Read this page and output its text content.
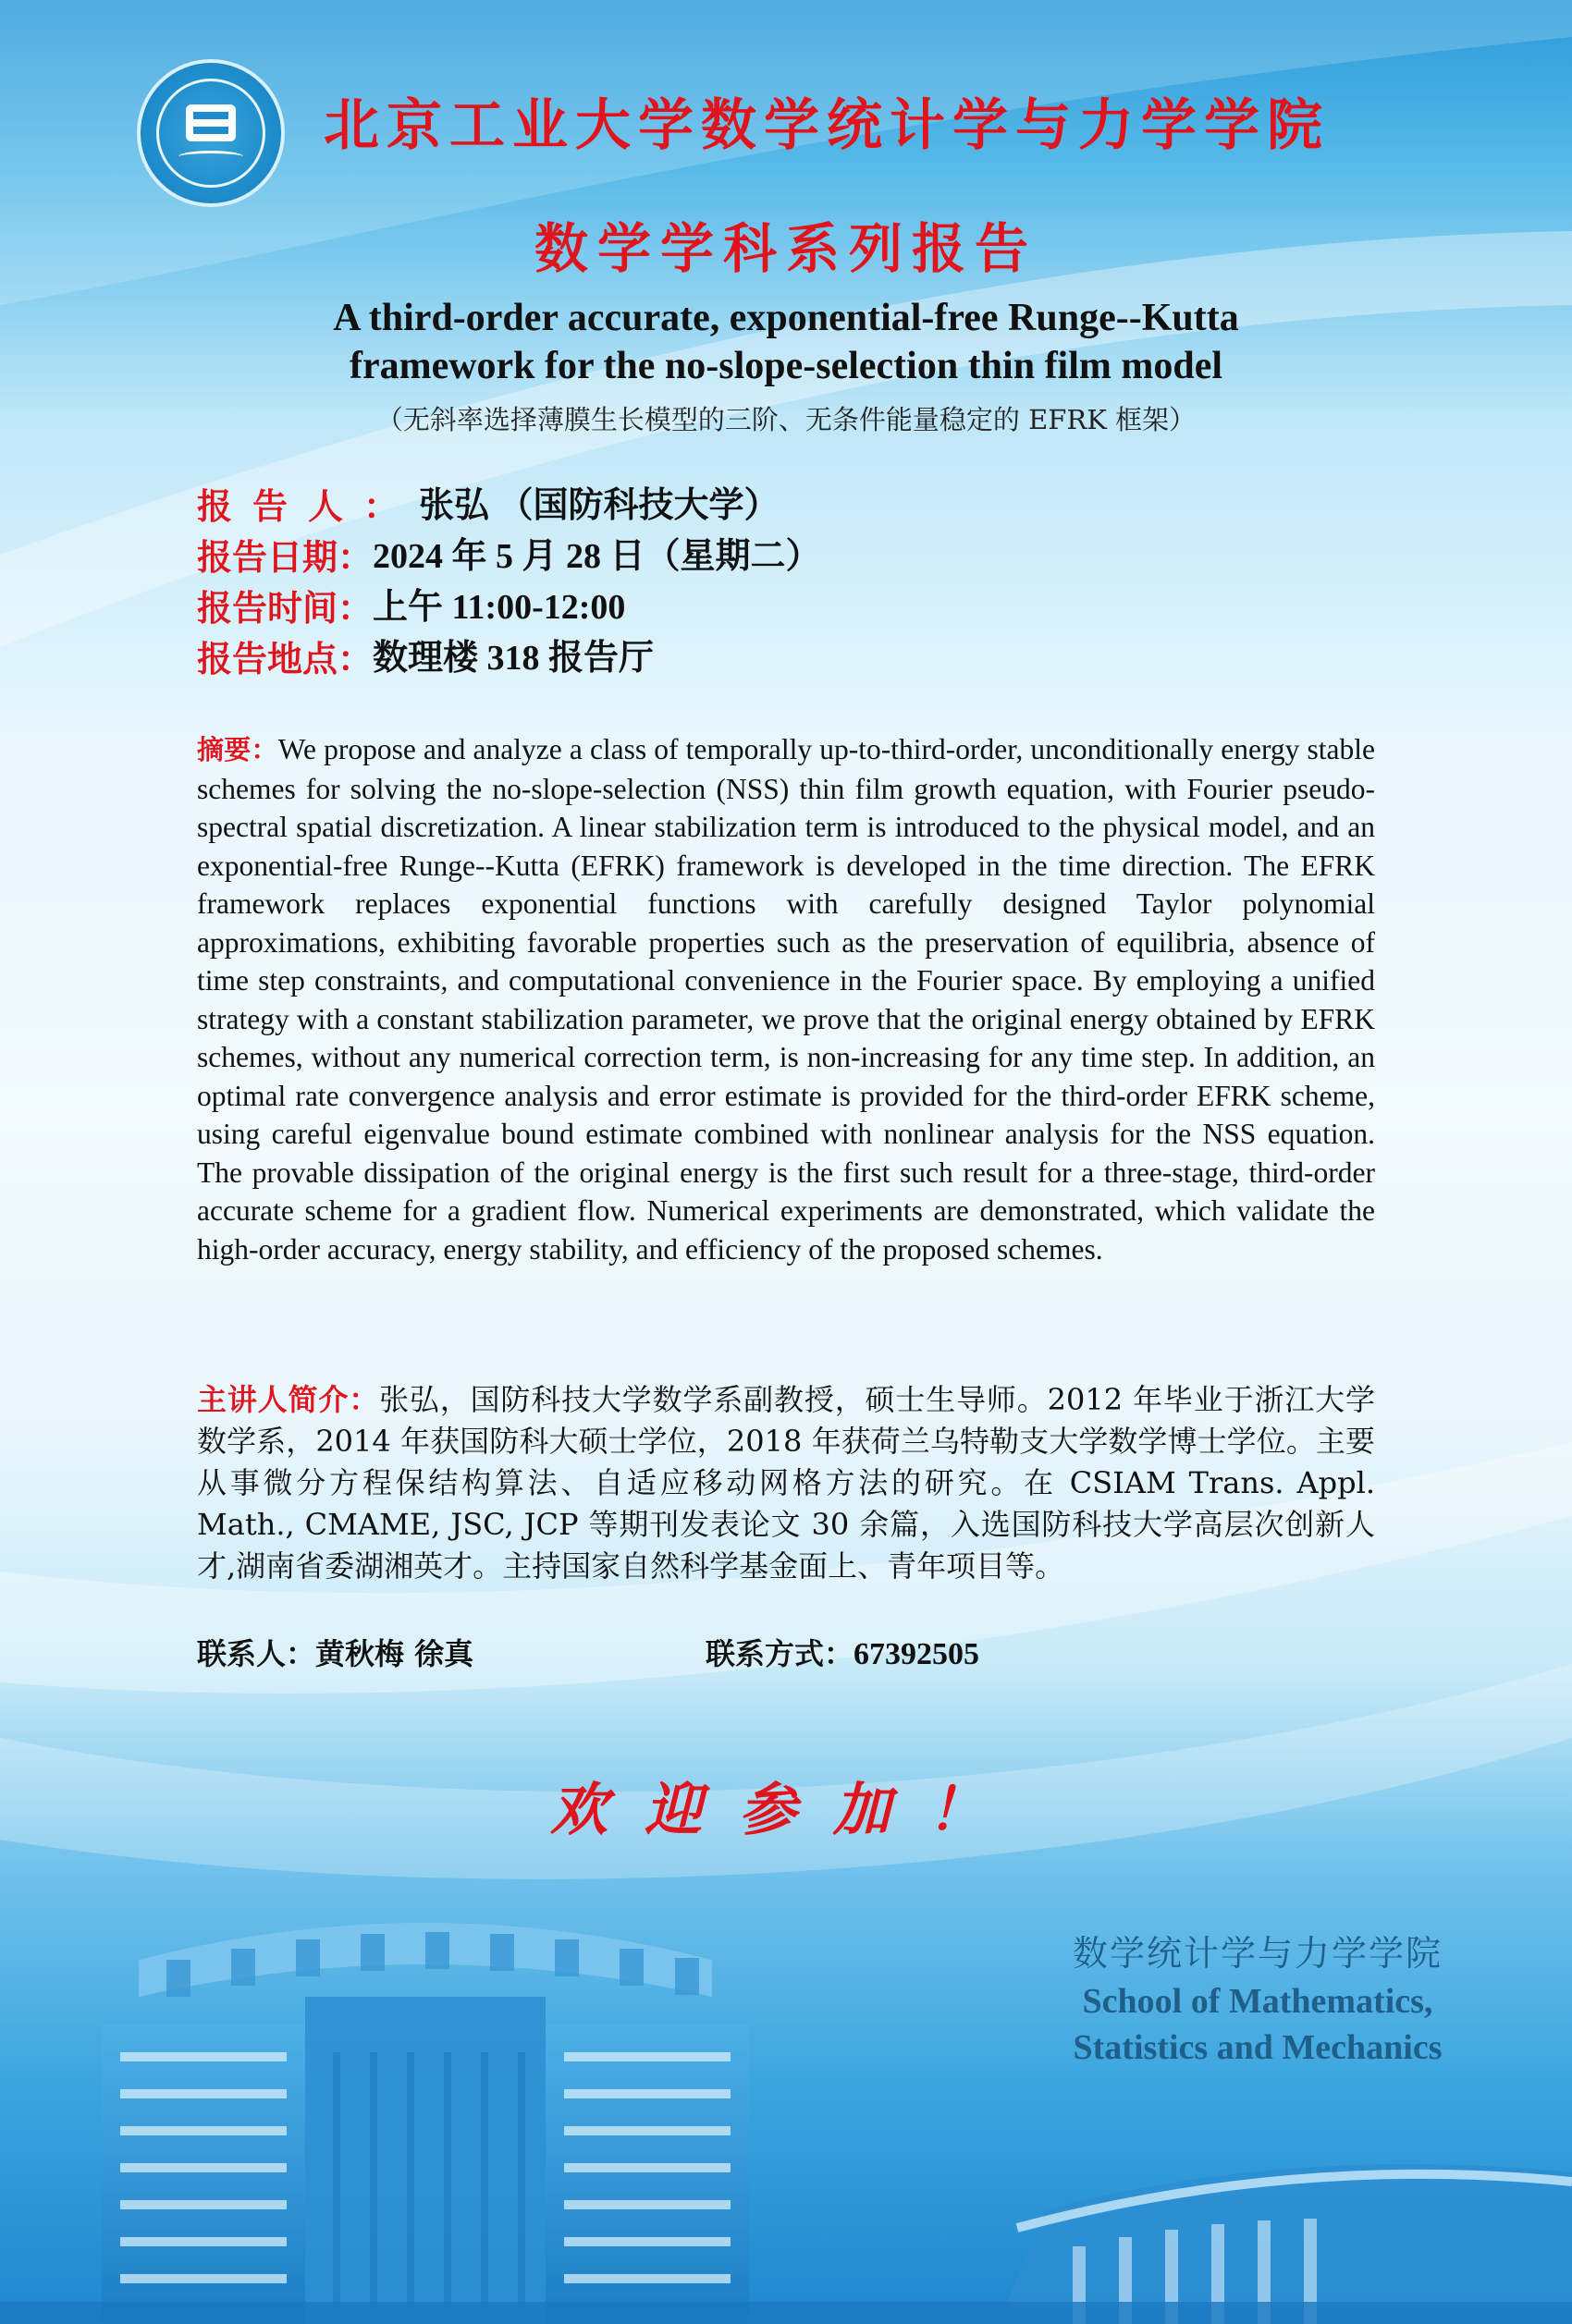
北京工业大学数学统计学与力学学院
数学学科系列报告
A third-order accurate, exponential-free Runge--Kutta
framework for the no-slope-selection thin film model
（无斜率选择薄膜生长模型的三阶、无条件能量稳定的 EFRK 框架）
报告人： 张弘 （国防科技大学）
报告日期： 2024 年 5 月 28 日（星期二）
报告时间： 上午 11:00-12:00
报告地点： 数理楼 318 报告厅
摘要：We propose and analyze a class of temporally up-to-third-order, unconditionally energy stable schemes for solving the no-slope-selection (NSS) thin film growth equation, with Fourier pseudo-spectral spatial discretization. A linear stabilization term is introduced to the physical model, and an exponential-free Runge--Kutta (EFRK) framework is developed in the time direction. The EFRK framework replaces exponential functions with carefully designed Taylor polynomial approximations, exhibiting favorable properties such as the preservation of equilibria, absence of time step constraints, and computational convenience in the Fourier space. By employing a unified strategy with a constant stabilization parameter, we prove that the original energy obtained by EFRK schemes, without any numerical correction term, is non-increasing for any time step. In addition, an optimal rate convergence analysis and error estimate is provided for the third-order EFRK scheme, using careful eigenvalue bound estimate combined with nonlinear analysis for the NSS equation. The provable dissipation of the original energy is the first such result for a three-stage, third-order accurate scheme for a gradient flow. Numerical experiments are demonstrated, which validate the high-order accuracy, energy stability, and efficiency of the proposed schemes.
主讲人简介：张弘，国防科技大学数学系副教授，硕士生导师。2012 年毕业于浙江大学数学系，2014 年获国防科大硕士学位，2018 年获荷兰乌特勒支大学数学博士学位。主要从事微分方程保结构算法、自适应移动网格方法的研究。在 CSIAM Trans. Appl. Math., CMAME, JSC, JCP 等期刊发表论文 30 余篇，入选国防科技大学高层次创新人才,湖南省委湖湘英才。主持国家自然科学基金面上、青年项目等。
联系人：黄秋梅 徐真	联系方式：67392505
欢迎参加！
数学统计学与力学学院
School of Mathematics,
Statistics and Mechanics
